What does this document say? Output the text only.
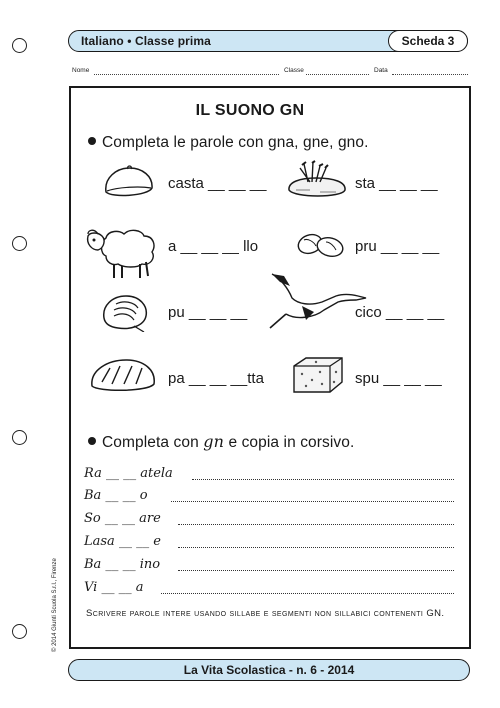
Italiano • Classe prima	Scheda 3
Nome	Classe	Data
IL SUONO GN
Completa le parole con gna, gne, gno.
casta __ __ __	sta __ __ __
a __ __ __ llo	pru __ __ __
pu __ __ __	cico __ __ __
pa __ __ __tta	spu __ __ __
Completa con gn e copia in corsivo.
Ra __ __ atela
Ba __ __ o
So __ __ are
Lasa __ __ e
Ba __ __ ino
Vi __ __ a
Scrivere parole intere usando sillabe e segmenti non sillabici contenenti GN.
© 2014 Giunti Scuola S.r.l., Firenze
La Vita Scolastica - n. 6 - 2014
